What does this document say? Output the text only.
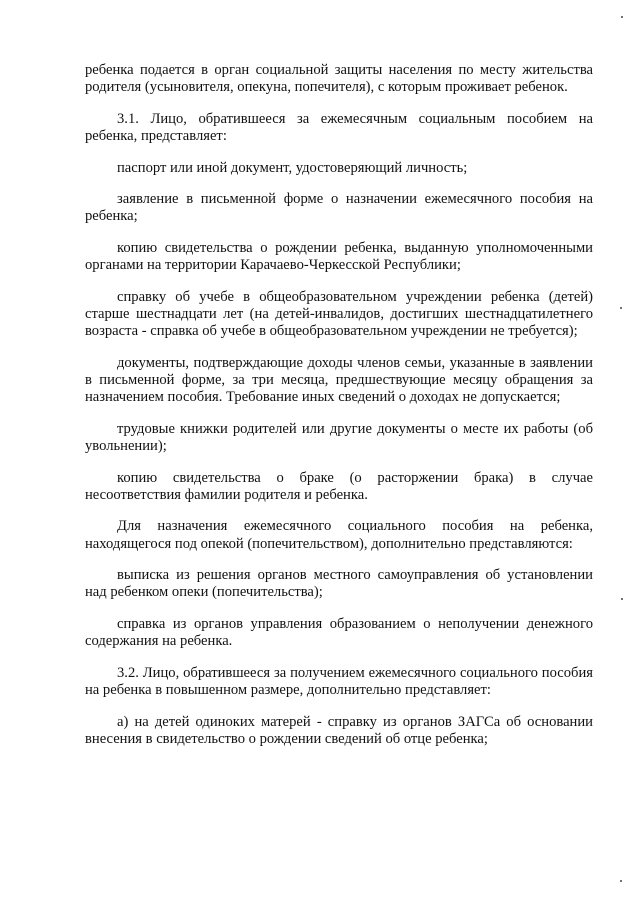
ребенка подается в орган социальной защиты населения по месту жительства родителя (усыновителя, опекуна, попечителя), с которым проживает ребенок.

3.1. Лицо, обратившееся за ежемесячным социальным пособием на ребенка, представляет:

паспорт или иной документ, удостоверяющий личность;

заявление в письменной форме о назначении ежемесячного пособия на ребенка;

копию свидетельства о рождении ребенка, выданную уполномоченными органами на территории Карачаево-Черкесской Республики;

справку об учебе в общеобразовательном учреждении ребенка (детей) старше шестнадцати лет (на детей-инвалидов, достигших шестнадцатилетнего возраста - справка об учебе в общеобразовательном учреждении не требуется);

документы, подтверждающие доходы членов семьи, указанные в заявлении в письменной форме, за три месяца, предшествующие месяцу обращения за назначением пособия. Требование иных сведений о доходах не допускается;

трудовые книжки родителей или другие документы о месте их работы (об увольнении);

копию свидетельства о браке (о расторжении брака) в случае несоответствия фамилии родителя и ребенка.

Для назначения ежемесячного социального пособия на ребенка, находящегося под опекой (попечительством), дополнительно представляются:

выписка из решения органов местного самоуправления об установлении над ребенком опеки (попечительства);

справка из органов управления образованием о неполучении денежного содержания на ребенка.

3.2. Лицо, обратившееся за получением ежемесячного социального пособия на ребенка в повышенном размере, дополнительно представляет:

а) на детей одиноких матерей - справку из органов ЗАГСа об основании внесения в свидетельство о рождении сведений об отце ребенка;
